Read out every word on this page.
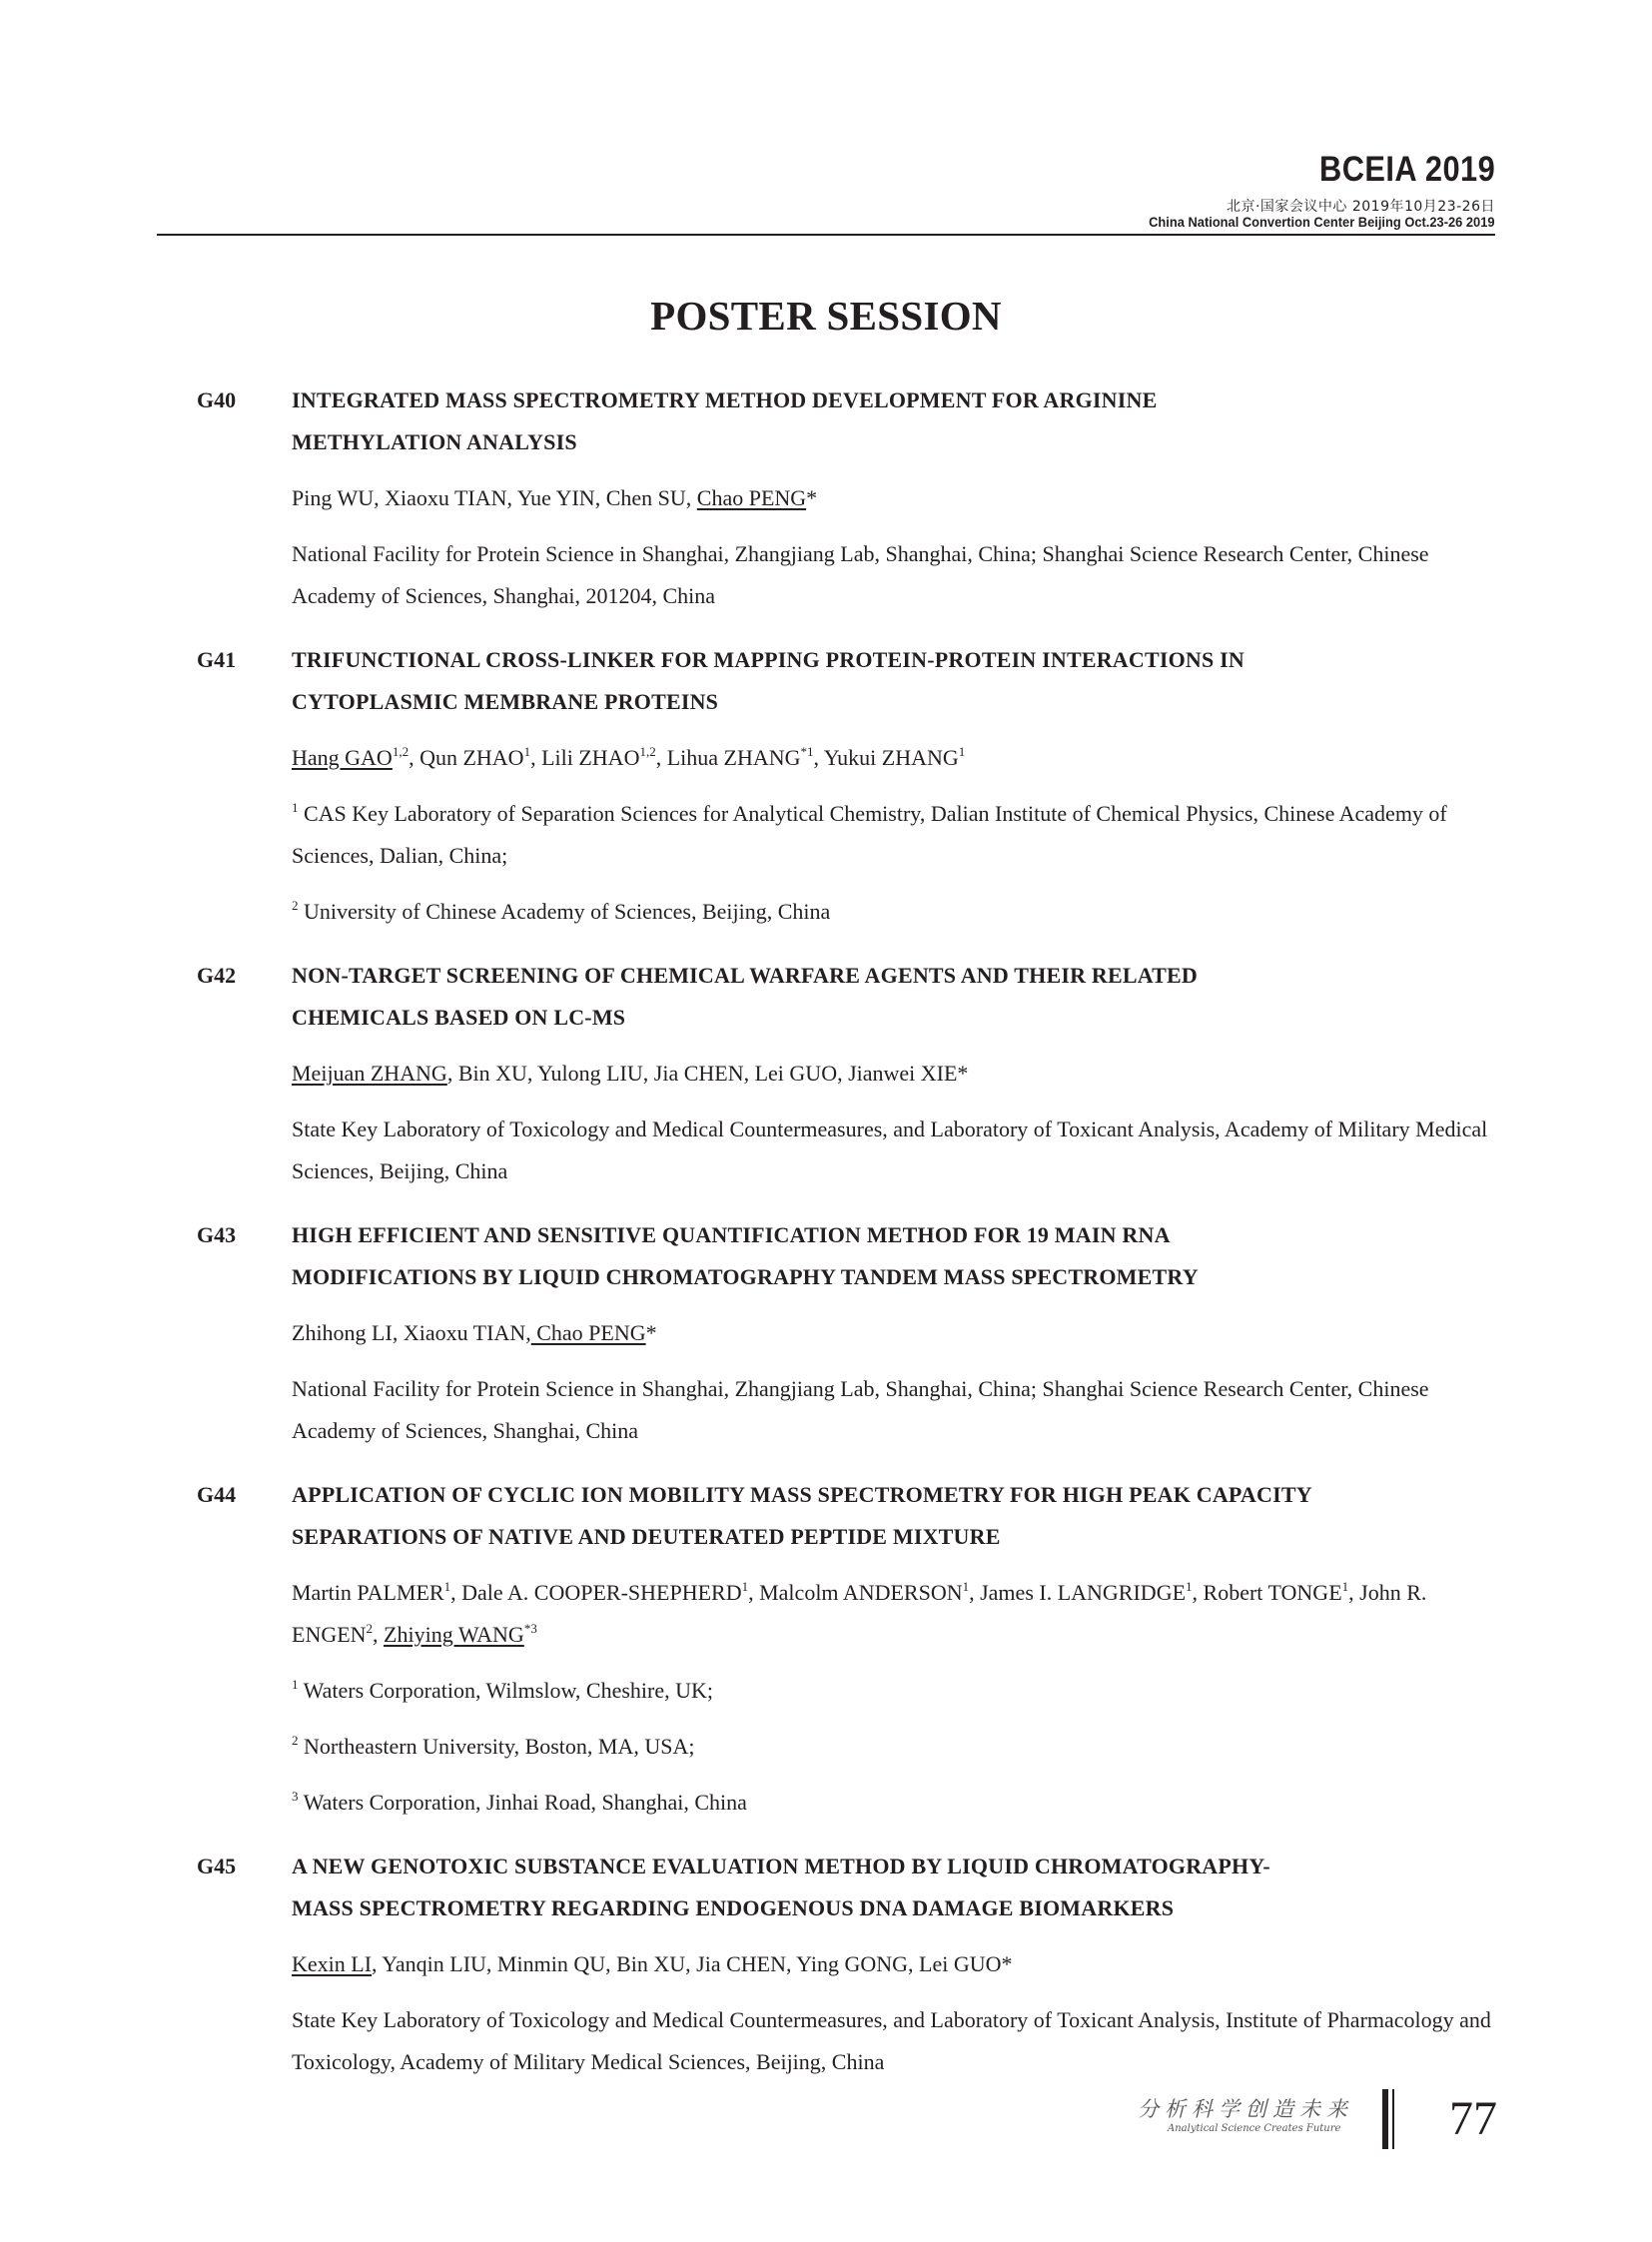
BCEIA 2019
北京·国家会议中心 2019年10月23-26日
China National Convertion Center Beijing Oct.23-26 2019
POSTER SESSION
G40	INTEGRATED MASS SPECTROMETRY METHOD DEVELOPMENT FOR ARGININE
METHYLATION ANALYSIS
Ping WU, Xiaoxu TIAN, Yue YIN, Chen SU, Chao PENG*
National Facility for Protein Science in Shanghai, Zhangjiang Lab, Shanghai, China; Shanghai Science Research Center, Chinese Academy of Sciences, Shanghai, 201204, China
G41	TRIFUNCTIONAL CROSS-LINKER FOR MAPPING PROTEIN-PROTEIN INTERACTIONS IN
CYTOPLASMIC MEMBRANE PROTEINS
Hang GAO$^{1,2}$, Qun ZHAO$^1$, Lili ZHAO$^{1,2}$, Lihua ZHANG$^{*1}$, Yukui ZHANG$^1$
$^1$ CAS Key Laboratory of Separation Sciences for Analytical Chemistry, Dalian Institute of Chemical Physics, Chinese Academy of Sciences, Dalian, China;
$^2$ University of Chinese Academy of Sciences, Beijing, China
G42	NON-TARGET SCREENING OF CHEMICAL WARFARE AGENTS AND THEIR RELATED
CHEMICALS BASED ON LC-MS
Meijuan ZHANG, Bin XU, Yulong LIU, Jia CHEN, Lei GUO, Jianwei XIE*
State Key Laboratory of Toxicology and Medical Countermeasures, and Laboratory of Toxicant Analysis, Academy of Military Medical Sciences, Beijing, China
G43	HIGH EFFICIENT AND SENSITIVE QUANTIFICATION METHOD FOR 19 MAIN RNA
MODIFICATIONS BY LIQUID CHROMATOGRAPHY TANDEM MASS SPECTROMETRY
Zhihong LI, Xiaoxu TIAN, Chao PENG*
National Facility for Protein Science in Shanghai, Zhangjiang Lab, Shanghai, China; Shanghai Science Research Center, Chinese Academy of Sciences, Shanghai, China
G44	APPLICATION OF CYCLIC ION MOBILITY MASS SPECTROMETRY FOR HIGH PEAK CAPACITY
SEPARATIONS OF NATIVE AND DEUTERATED PEPTIDE MIXTURE
Martin PALMER$^1$, Dale A. COOPER-SHEPHERD$^1$, Malcolm ANDERSON$^1$, James I. LANGRIDGE$^1$, Robert TONGE$^1$, John R. ENGEN$^2$, Zhiying WANG$^{*3}$
$^1$ Waters Corporation, Wilmslow, Cheshire, UK;
$^2$ Northeastern University, Boston, MA, USA;
$^3$ Waters Corporation, Jinhai Road, Shanghai, China
G45	A NEW GENOTOXIC SUBSTANCE EVALUATION METHOD BY LIQUID CHROMATOGRAPHY-
MASS SPECTROMETRY REGARDING ENDOGENOUS DNA DAMAGE BIOMARKERS
Kexin LI, Yanqin LIU, Minmin QU, Bin XU, Jia CHEN, Ying GONG, Lei GUO*
State Key Laboratory of Toxicology and Medical Countermeasures, and Laboratory of Toxicant Analysis, Institute of Pharmacology and Toxicology, Academy of Military Medical Sciences, Beijing, China
分析科学创造未来
Analytical Science Creates Future 77
